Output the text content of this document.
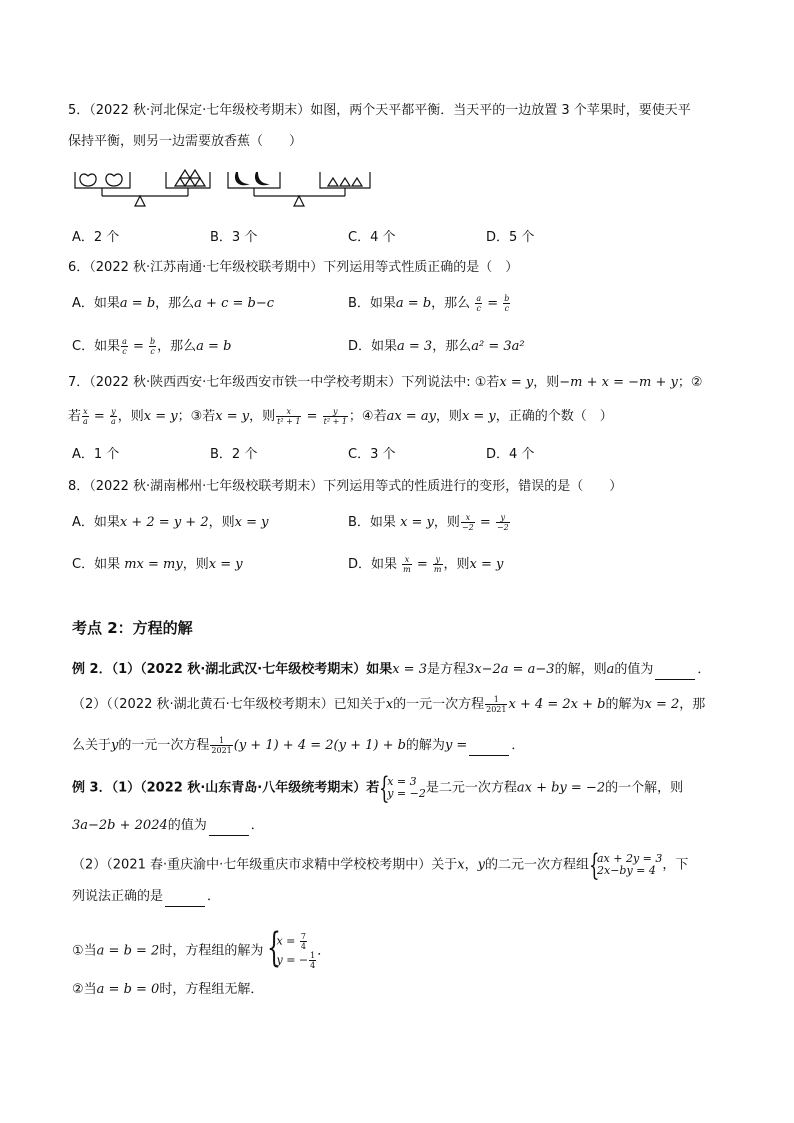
5．（2022 秋·河北保定·七年级校考期末）如图，两个天平都平衡．当天平的一边放置 3 个苹果时，要使天平
保持平衡，则另一边需要放香蕉（　　）
A．2 个	B．3 个	C．4 个	D．5 个
6．（2022 秋·江苏南通·七年级校联考期中）下列运用等式性质正确的是（　）
A．如果a = b，那么a + c = b−c	B．如果a = b，那么 $\frac{a}{c} = \frac{b}{c}$
C．如果 $\frac{a}{c} = \frac{b}{c}$ ，那么a = b	D．如果a = 3，那么a² = 3a²
7．（2022 秋·陕西西安·七年级西安市铁一中学校考期末）下列说法中: ①若x = y，则−m + x = −m + y；②
若 $\frac{x}{a} = \frac{y}{a}$ ，则x = y；③若x = y，则 $\frac{x}{\text{t² + 1}} = \frac{y}{\text{t² + 1}}$ ；④若ax = ay，则x = y，正确的个数（　）
A．1 个	B．2 个	C．3 个	D．4 个
8．（2022 秋·湖南郴州·七年级校联考期末）下列运用等式的性质进行的变形，错误的是（　　）
A．如果x + 2 = y + 2，则x = y	B．如果 x = y，则 $\frac{x}{-2} = \frac{y}{-2}$
C．如果 mx = my，则x = y	D．如果 $\frac{x}{m} = \frac{y}{m}$ ，则x = y
考点 2：方程的解
例 2．（1）（2022 秋·湖北武汉·七年级校考期末）如果x = 3是方程3x−2a = a−3的解，则a的值为	．
（2）（（2022 秋·湖北黄石·七年级校考期末）已知关于x的一元一次方程 $\frac{1}{2021}$ x + 4 = 2x + b的解为x = 2，那
么关于y的一元一次方程 $\frac{1}{2021} (y + 1) + 4 = 2(y + 1) + b$的解为y =	．
例 3．（1）（2022 秋·山东青岛·八年级统考期末）若 {
x = 3
y = −2 是二元一次方程ax + by = −2的一个解，则
3a−2b + 2024的值为	．
（2）（2021 春·重庆渝中·七年级重庆市求精中学校校考期中）关于x，y的二元一次方程组 {
ax + 2y = 3
2x−by = 4 ，下
列说法正确的是	．
①当a = b = 2时，方程组的解为 {
$x = \frac{7}{4}$
y = − $\frac{1}{4}$ ．
②当a = b = 0时，方程组无解．
